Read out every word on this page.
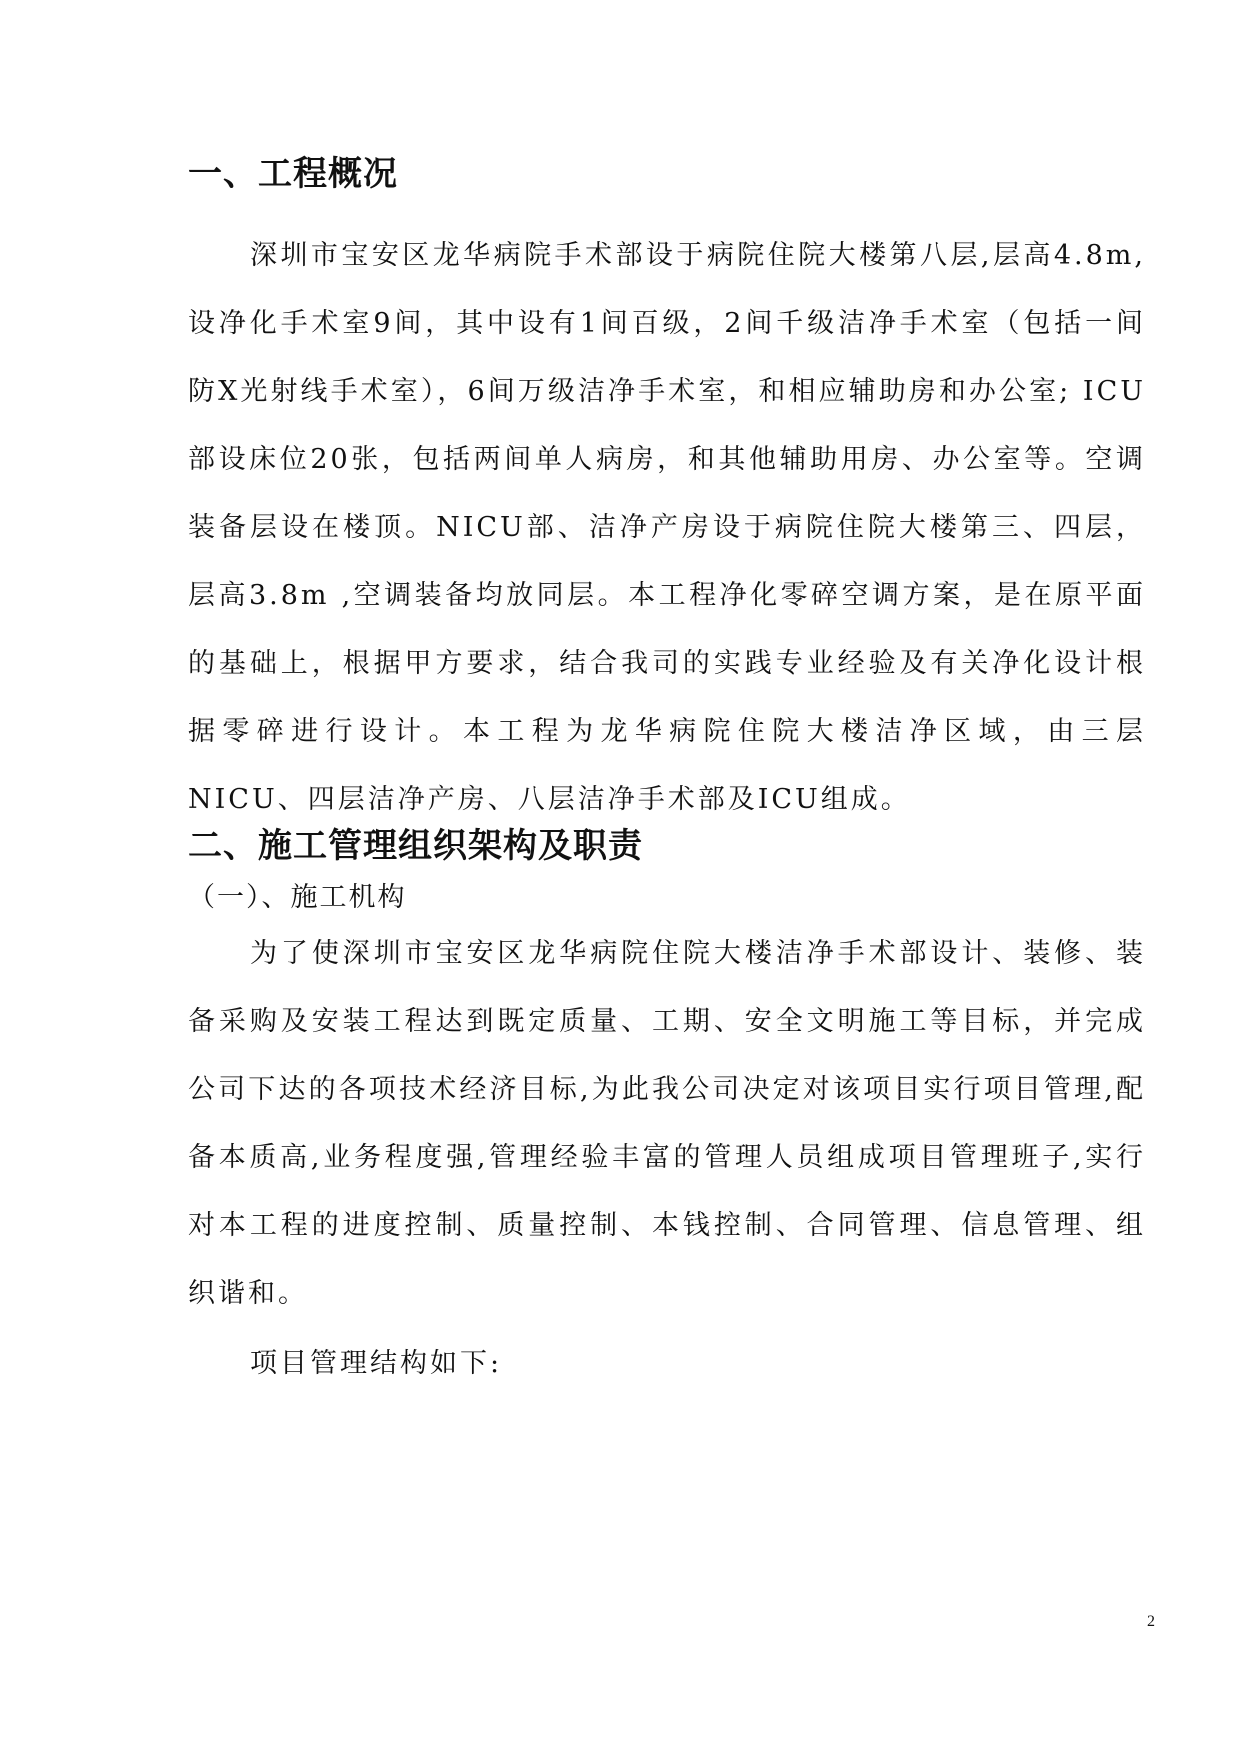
一、工程概况

深圳市宝安区龙华病院手术部设于病院住院大楼第八层,层高4.8m,设净化手术室9间，其中设有1间百级，2间千级洁净手术室（包括一间防X光射线手术室），6间万级洁净手术室，和相应辅助房和办公室; ICU部设床位20张，包括两间单人病房，和其他辅助用房、办公室等。空调装备层设在楼顶。NICU部、洁净产房设于病院住院大楼第三、四层，层高3.8m ,空调装备均放同层。本工程净化零碎空调方案，是在原平面的基础上，根据甲方要求，结合我司的实践专业经验及有关净化设计根据零碎进行设计。本工程为龙华病院住院大楼洁净区域，由三层NICU、四层洁净产房、八层洁净手术部及ICU组成。

二、施工管理组织架构及职责
（一）、施工机构

为了使深圳市宝安区龙华病院住院大楼洁净手术部设计、装修、装备采购及安装工程达到既定质量、工期、安全文明施工等目标，并完成公司下达的各项技术经济目标,为此我公司决定对该项目实行项目管理,配备本质高,业务程度强,管理经验丰富的管理人员组成项目管理班子,实行对本工程的进度控制、质量控制、本钱控制、合同管理、信息管理、组织谐和。

项目管理结构如下:

2
